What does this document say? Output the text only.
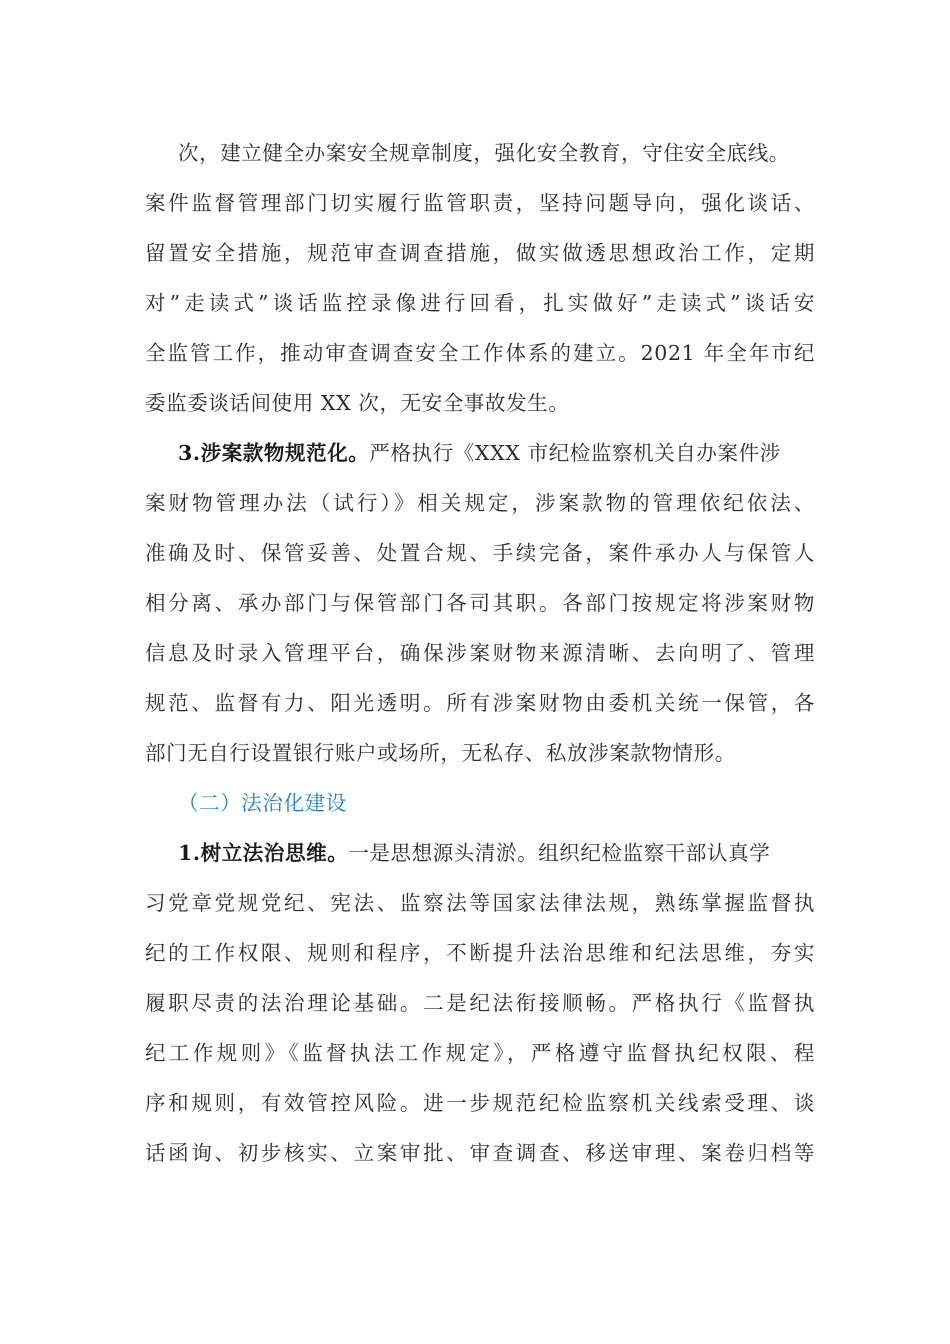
次，建立健全办案安全规章制度，强化安全教育，守住安全底线。
案件监督管理部门切实履行监管职责，坚持问题导向，强化谈话、
留置安全措施，规范审查调查措施，做实做透思想政治工作，定期
对”走读式”谈话监控录像进行回看，扎实做好”走读式”谈话安
全监管工作，推动审查调查安全工作体系的建立。2021 年全年市纪
委监委谈话间使用 XX 次，无安全事故发生。
3.涉案款物规范化。严格执行《XXX 市纪检监察机关自办案件涉
案财物管理办法（试行）》相关规定，涉案款物的管理依纪依法、
准确及时、保管妥善、处置合规、手续完备，案件承办人与保管人
相分离、承办部门与保管部门各司其职。各部门按规定将涉案财物
信息及时录入管理平台，确保涉案财物来源清晰、去向明了、管理
规范、监督有力、阳光透明。所有涉案财物由委机关统一保管，各
部门无自行设置银行账户或场所，无私存、私放涉案款物情形。
（二）法治化建设
1.树立法治思维。一是思想源头清淤。组织纪检监察干部认真学
习党章党规党纪、宪法、监察法等国家法律法规，熟练掌握监督执
纪的工作权限、规则和程序，不断提升法治思维和纪法思维，夯实
履职尽责的法治理论基础。二是纪法衔接顺畅。严格执行《监督执
纪工作规则》《监督执法工作规定》，严格遵守监督执纪权限、程
序和规则，有效管控风险。进一步规范纪检监察机关线索受理、谈
话函询、初步核实、立案审批、审查调查、移送审理、案卷归档等
